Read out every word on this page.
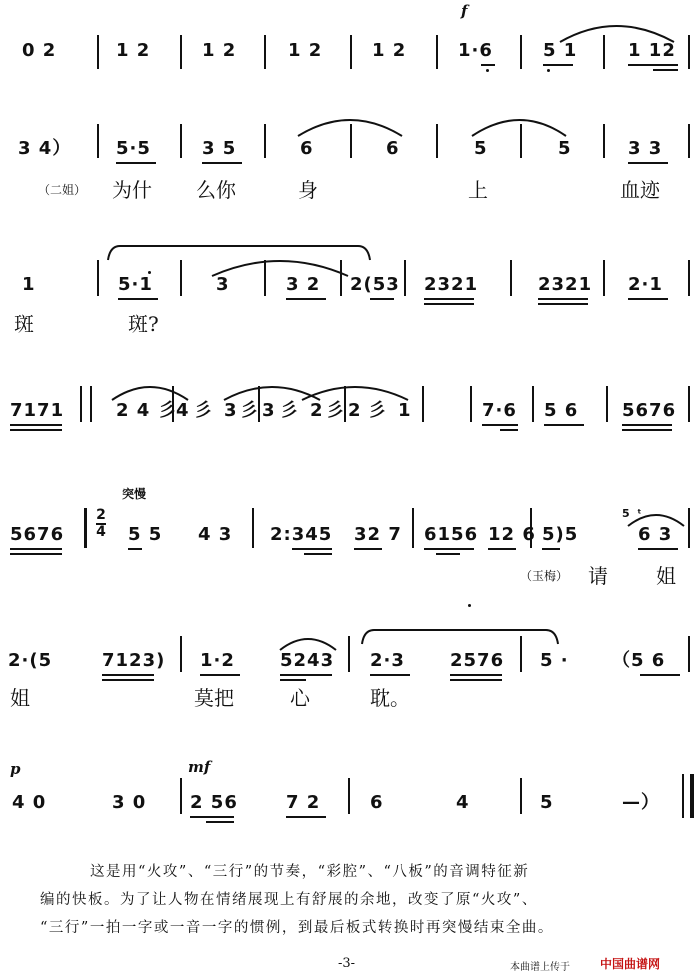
f
0 2	1 2	1 2	1 2	1 2	1·6	5 1	1 12
3 4） 5·5	3 5	6	6	5	5	3 3
（二姐） 为什 么你	身	上	血迹
1	5·1	3	3 2 2(53 2321	2321 2·1
斑	斑?
7171	2 4 彡 4 彡 3 彡 3 彡 2 彡 2 彡 1	7·6 5 6 5676
突慢
5676
2
4 5 5 4 3 2:345 32 7 6156 12 6 5)5
5 ᵗ
6 3
（玉梅） 请 姐
2·(5	7123) 1·2	5243 2·3	2576 5 · （5 6
姐	莫把	心	耽。
p	mf
4 0	3 0 2 56	7 2	6	4	5	—）

这是用“火攻”、“三行”的节奏，“彩腔”、“八板”的音调特征新

编的快板。为了让人物在情绪展现上有舒展的余地，改变了原“火攻”、

“三行”一拍一字或一音一字的惯例，到最后板式转换时再突慢结束全曲。

-3-	本曲谱上传于	中国曲谱网
